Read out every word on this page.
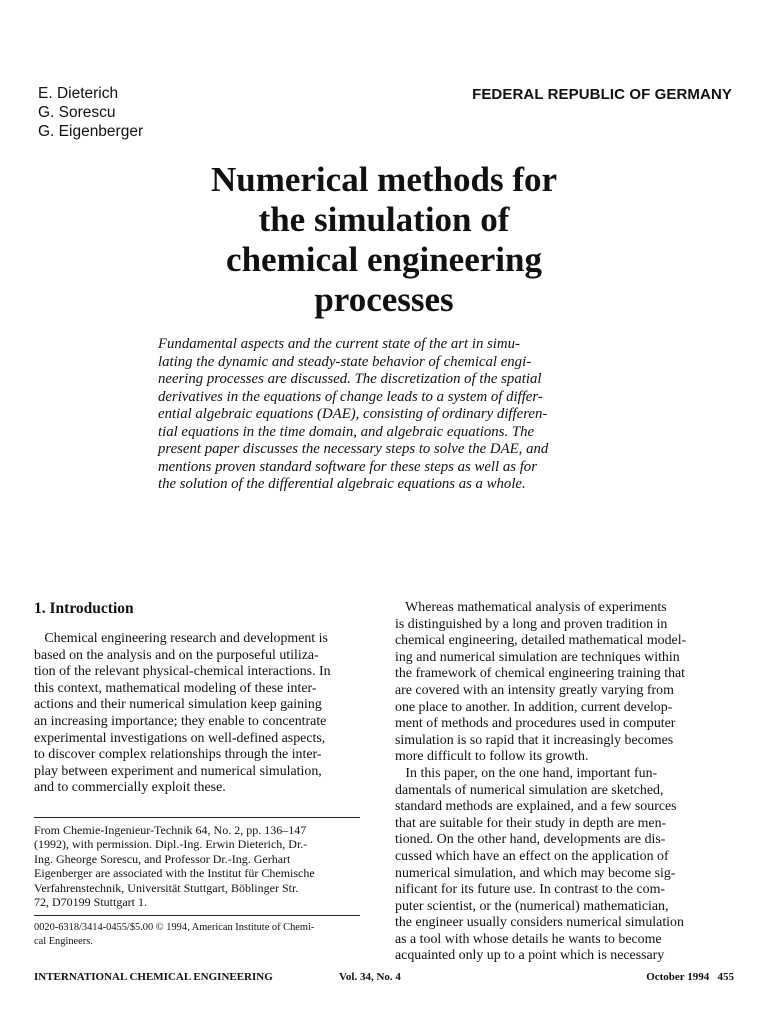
E. Dieterich
G. Sorescu
G. Eigenberger
FEDERAL REPUBLIC OF GERMANY
Numerical methods for
the simulation of
chemical engineering
processes
Fundamental aspects and the current state of the art in simu-
lating the dynamic and steady-state behavior of chemical engi-
neering processes are discussed. The discretization of the spatial
derivatives in the equations of change leads to a system of differ-
ential algebraic equations (DAE), consisting of ordinary differen-
tial equations in the time domain, and algebraic equations. The
present paper discusses the necessary steps to solve the DAE, and
mentions proven standard software for these steps as well as for
the solution of the differential algebraic equations as a whole.
1. Introduction
Chemical engineering research and development is
based on the analysis and on the purposeful utiliza-
tion of the relevant physical-chemical interactions. In
this context, mathematical modeling of these inter-
actions and their numerical simulation keep gaining
an increasing importance; they enable to concentrate
experimental investigations on well-defined aspects,
to discover complex relationships through the inter-
play between experiment and numerical simulation,
and to commercially exploit these.
From Chemie-Ingenieur-Technik 64, No. 2, pp. 136–147
(1992), with permission. Dipl.-Ing. Erwin Dieterich, Dr.-
Ing. Gheorge Sorescu, and Professor Dr.-Ing. Gerhart
Eigenberger are associated with the Institut für Chemische
Verfahrenstechnik, Universität Stuttgart, Böblinger Str.
72, D70199 Stuttgart 1.
0020-6318/3414-0455/$5.00 © 1994, American Institute of Chemi-
cal Engineers.
Whereas mathematical analysis of experiments
is distinguished by a long and proven tradition in
chemical engineering, detailed mathematical model-
ing and numerical simulation are techniques within
the framework of chemical engineering training that
are covered with an intensity greatly varying from
one place to another. In addition, current develop-
ment of methods and procedures used in computer
simulation is so rapid that it increasingly becomes
more difficult to follow its growth.
In this paper, on the one hand, important fun-
damentals of numerical simulation are sketched,
standard methods are explained, and a few sources
that are suitable for their study in depth are men-
tioned. On the other hand, developments are dis-
cussed which have an effect on the application of
numerical simulation, and which may become sig-
nificant for its future use. In contrast to the com-
puter scientist, or the (numerical) mathematician,
the engineer usually considers numerical simulation
as a tool with whose details he wants to become
acquainted only up to a point which is necessary
INTERNATIONAL CHEMICAL ENGINEERING	Vol. 34, No. 4	October 1994   455
